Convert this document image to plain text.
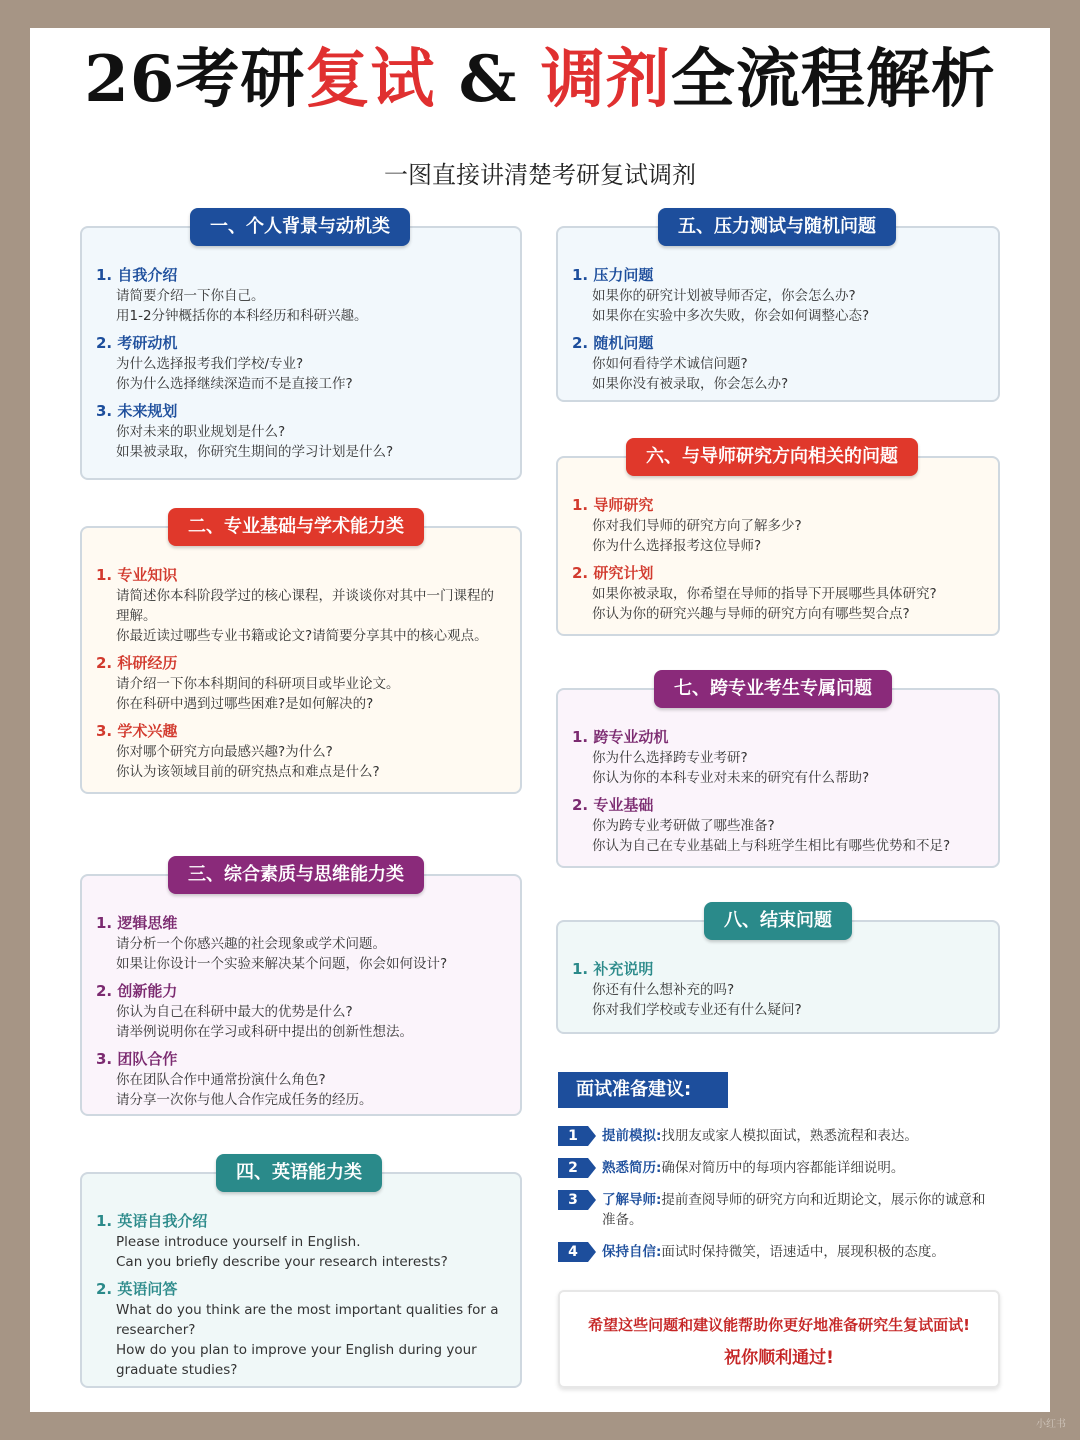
26考研复试 & 调剂全流程解析
一图直接讲清楚考研复试调剂
一、个人背景与动机类
1. 自我介绍
请简要介绍一下你自己。
用1-2分钟概括你的本科经历和科研兴趣。
2. 考研动机
为什么选择报考我们学校/专业?
你为什么选择继续深造而不是直接工作?
3. 未来规划
你对未来的职业规划是什么?
如果被录取，你研究生期间的学习计划是什么?
二、专业基础与学术能力类
1. 专业知识
请简述你本科阶段学过的核心课程，并谈谈你对其中一门课程的理解。
你最近读过哪些专业书籍或论文?请简要分享其中的核心观点。
2. 科研经历
请介绍一下你本科期间的科研项目或毕业论文。
你在科研中遇到过哪些困难?是如何解决的?
3. 学术兴趣
你对哪个研究方向最感兴趣?为什么?
你认为该领域目前的研究热点和难点是什么?
三、综合素质与思维能力类
1. 逻辑思维
请分析一个你感兴趣的社会现象或学术问题。
如果让你设计一个实验来解决某个问题，你会如何设计?
2. 创新能力
你认为自己在科研中最大的优势是什么?
请举例说明你在学习或科研中提出的创新性想法。
3. 团队合作
你在团队合作中通常扮演什么角色?
请分享一次你与他人合作完成任务的经历。
四、英语能力类
1. 英语自我介绍
Please introduce yourself in English.
Can you briefly describe your research interests?
2. 英语问答
What do you think are the most important qualities for a researcher?
How do you plan to improve your English during your graduate studies?
五、压力测试与随机问题
1. 压力问题
如果你的研究计划被导师否定，你会怎么办?
如果你在实验中多次失败，你会如何调整心态?
2. 随机问题
你如何看待学术诚信问题?
如果你没有被录取，你会怎么办?
六、与导师研究方向相关的问题
1. 导师研究
你对我们导师的研究方向了解多少?
你为什么选择报考这位导师?
2. 研究计划
如果你被录取，你希望在导师的指导下开展哪些具体研究?
你认为你的研究兴趣与导师的研究方向有哪些契合点?
七、跨专业考生专属问题
1. 跨专业动机
你为什么选择跨专业考研?
你认为你的本科专业对未来的研究有什么帮助?
2. 专业基础
你为跨专业考研做了哪些准备?
你认为自己在专业基础上与科班学生相比有哪些优势和不足?
八、结束问题
1. 补充说明
你还有什么想补充的吗?
你对我们学校或专业还有什么疑问?
面试准备建议:
1	提前模拟:找朋友或家人模拟面试，熟悉流程和表达。
2	熟悉简历:确保对简历中的每项内容都能详细说明。
3	了解导师:提前查阅导师的研究方向和近期论文，展示你的诚意和准备。
4	保持自信:面试时保持微笑，语速适中，展现积极的态度。
希望这些问题和建议能帮助你更好地准备研究生复试面试!
祝你顺利通过!
小红书
